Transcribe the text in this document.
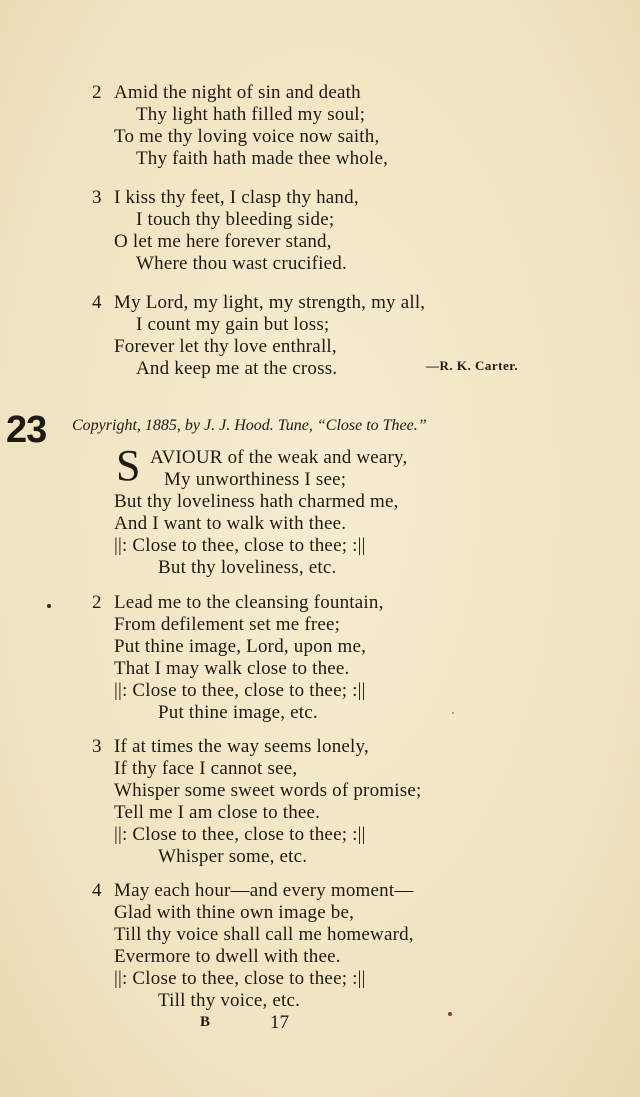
2 Amid the night of sin and death
Thy light hath filled my soul;
To me thy loving voice now saith,
Thy faith hath made thee whole,
3 I kiss thy feet, I clasp thy hand,
I touch thy bleeding side;
O let me here forever stand,
Where thou wast crucified.
4 My Lord, my light, my strength, my all,
I count my gain but loss;
Forever let thy love enthrall,
And keep me at the cross.	—R. K. Carter.
23 Copyright, 1885, by J. J. Hood. Tune, “Close to Thee.”
S AVIOUR of the weak and weary,
My unworthiness I see;
But thy loveliness hath charmed me,
And I want to walk with thee.
||: Close to thee, close to thee; :||
But thy loveliness, etc.
2 Lead me to the cleansing fountain,
From defilement set me free;
Put thine image, Lord, upon me,
That I may walk close to thee.
||: Close to thee, close to thee; :||
Put thine image, etc.
3 If at times the way seems lonely,
If thy face I cannot see,
Whisper some sweet words of promise;
Tell me I am close to thee.
||: Close to thee, close to thee; :||
Whisper some, etc.
4 May each hour—and every moment—
Glad with thine own image be,
Till thy voice shall call me homeward,
Evermore to dwell with thee.
||: Close to thee, close to thee; :||
Till thy voice, etc.
B	17
